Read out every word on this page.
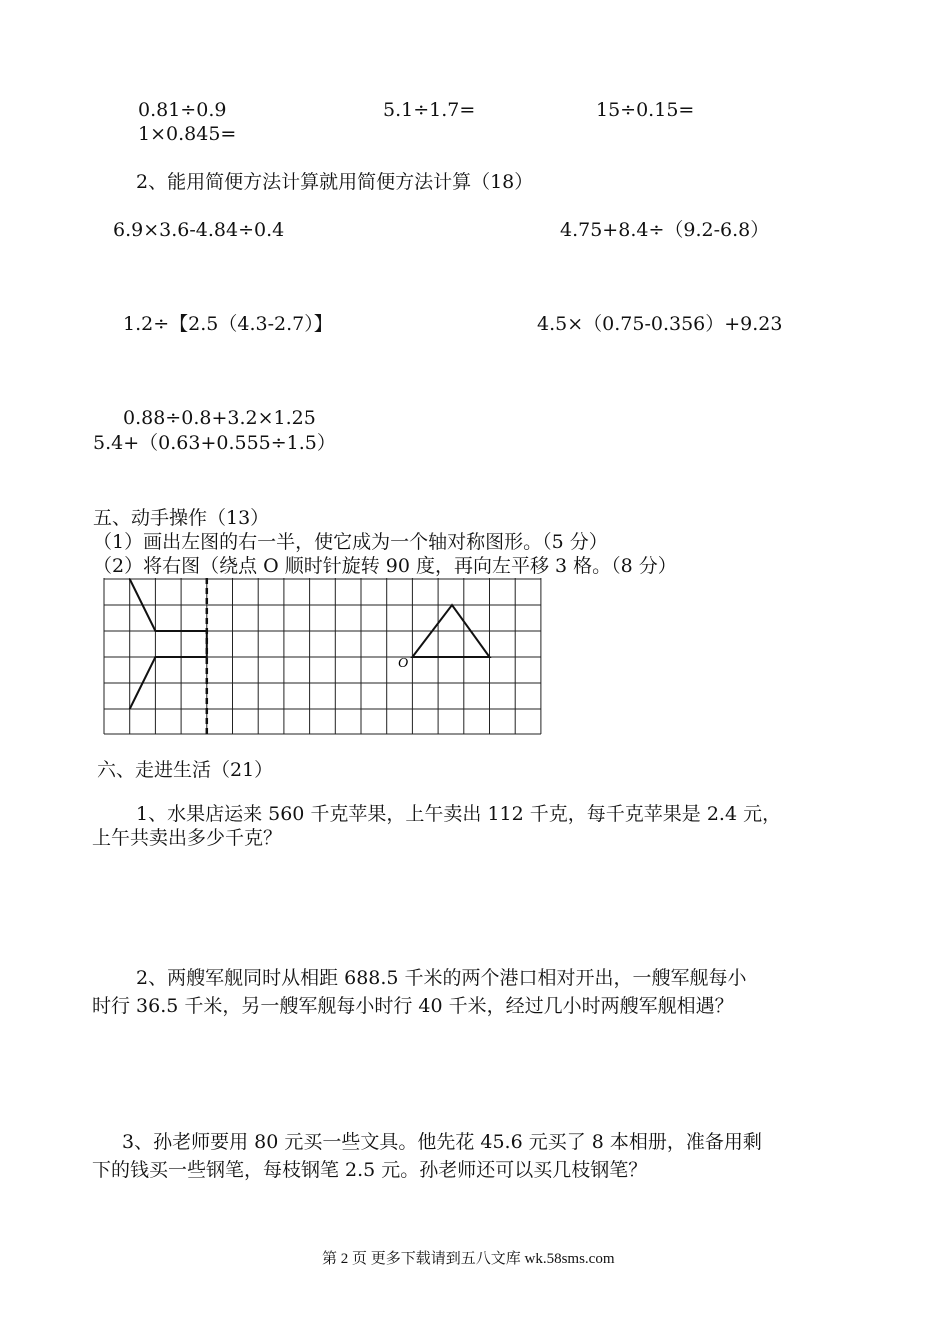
0.81÷0.9	5.1÷1.7=	15÷0.15=
1×0.845=
2、能用简便方法计算就用简便方法计算（18）
6.9×3.6-4.84÷0.4	4.75+8.4÷（9.2-6.8）
1.2÷【2.5（4.3-2.7）】	4.5×（0.75-0.356）+9.23
0.88÷0.8+3.2×1.25
5.4+（0.63+0.555÷1.5）
五、动手操作（13）
（1）画出左图的右一半，使它成为一个轴对称图形。（5 分）
（2）将右图（绕点 O 顺时针旋转 90 度，再向左平移 3 格。（8 分）
O
六、走进生活（21）
1、水果店运来 560 千克苹果，上午卖出 112 千克，每千克苹果是 2.4 元，
上午共卖出多少千克？
2、两艘军舰同时从相距 688.5 千米的两个港口相对开出，一艘军舰每小
时行 36.5 千米，另一艘军舰每小时行 40 千米，经过几小时两艘军舰相遇？
3、孙老师要用 80 元买一些文具。他先花 45.6 元买了 8 本相册，准备用剩
下的钱买一些钢笔，每枝钢笔 2.5 元。孙老师还可以买几枝钢笔？
第 2 页 更多下载请到五八文库 wk.58sms.com
